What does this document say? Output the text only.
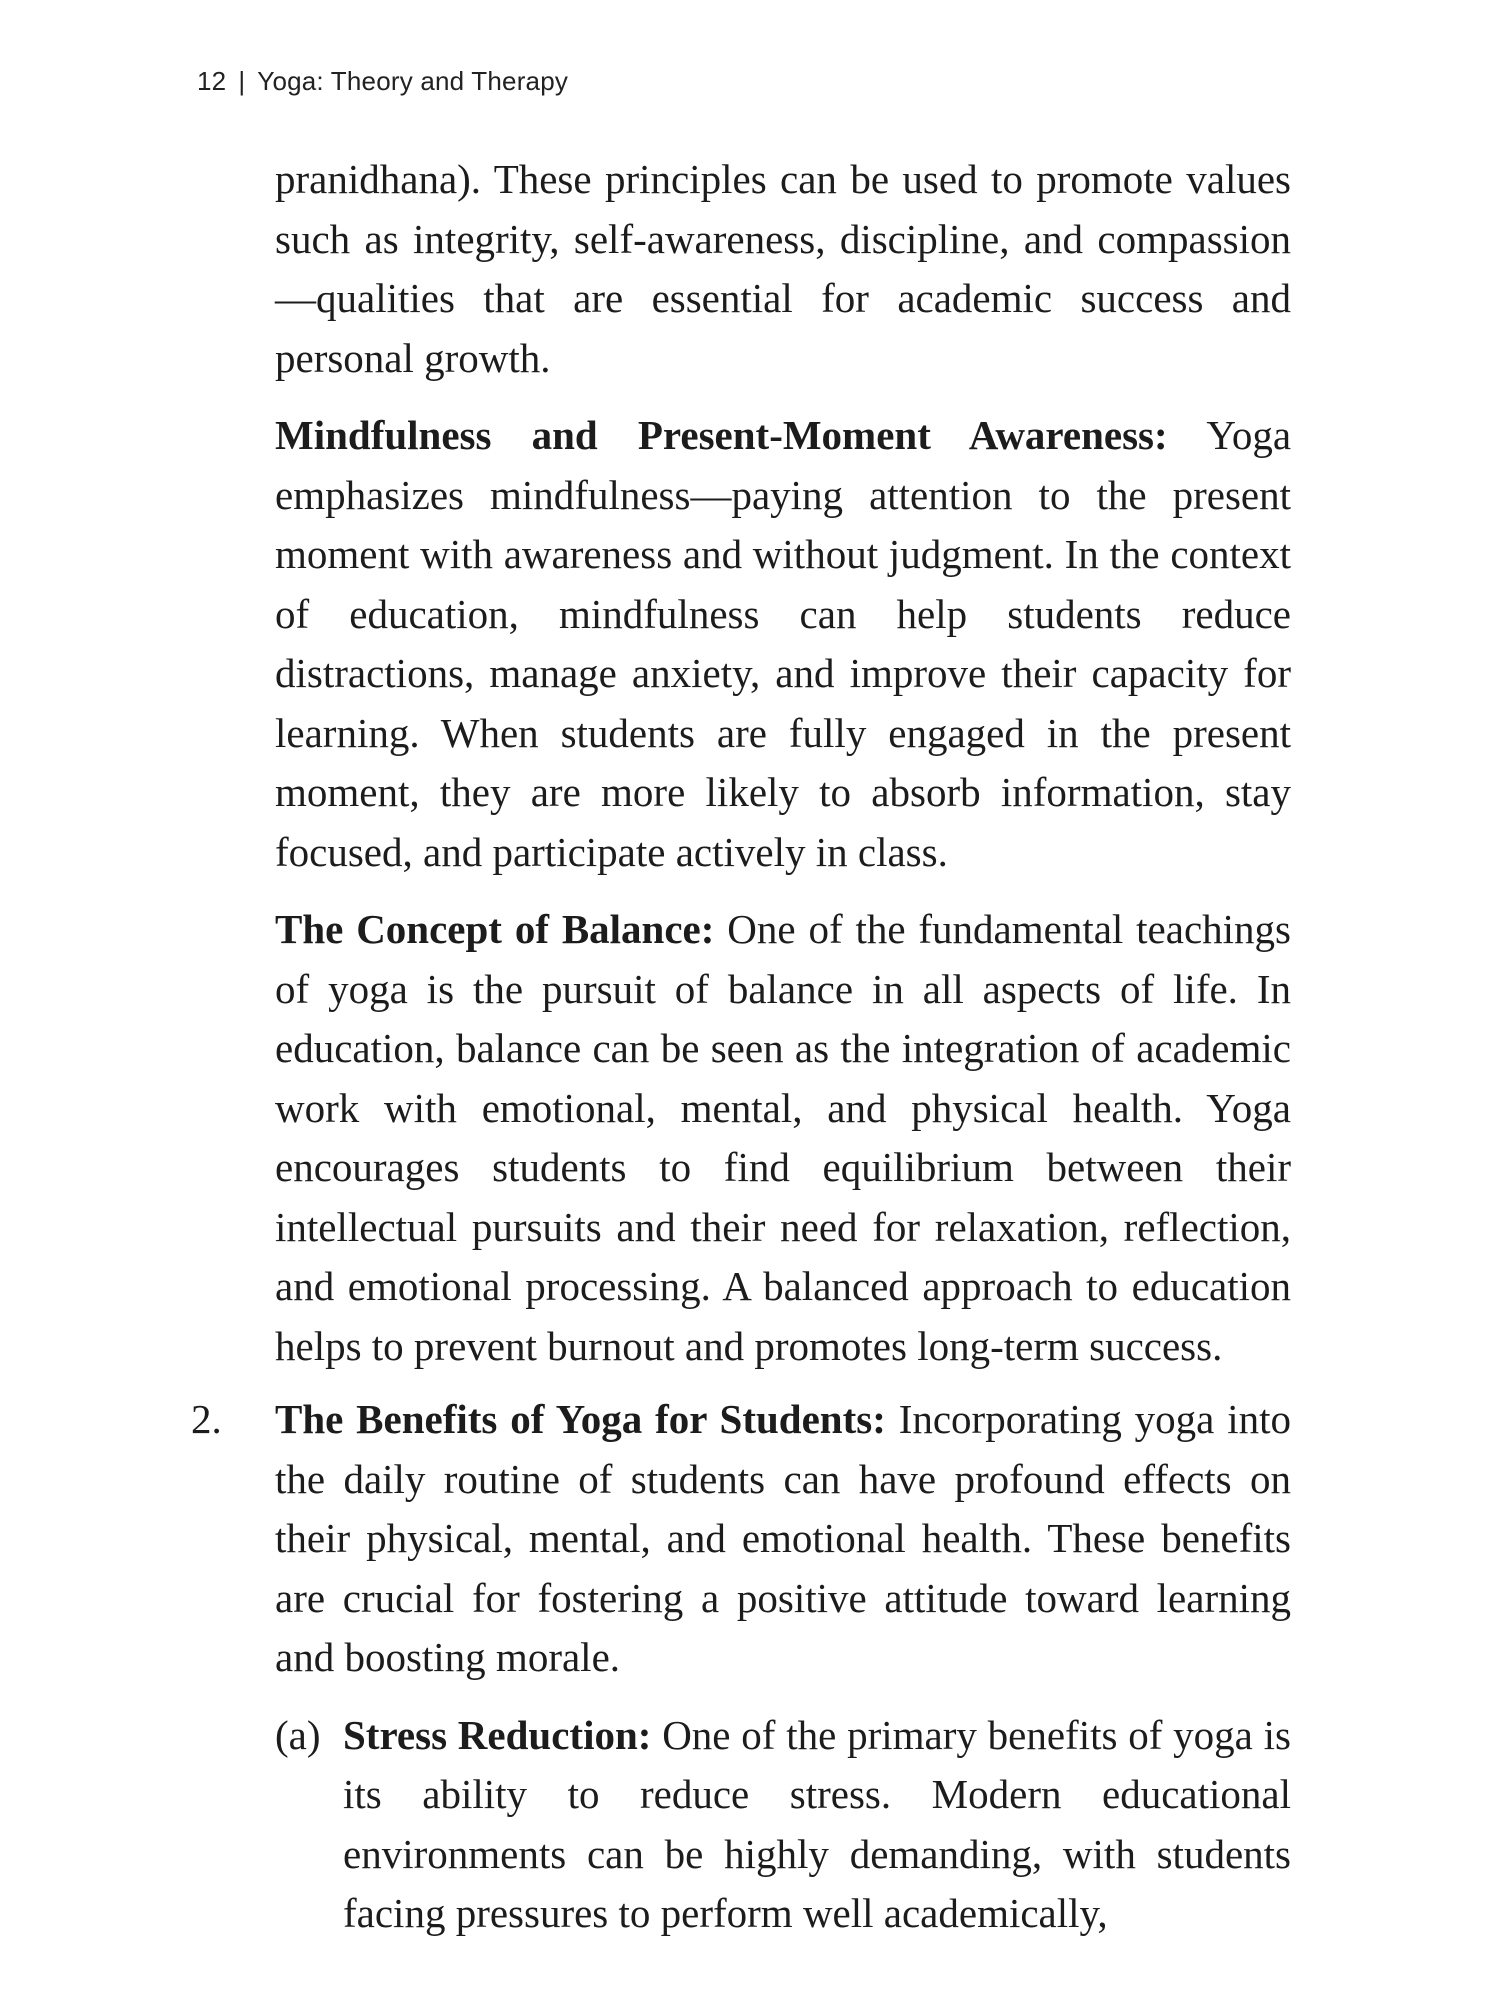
12 | Yoga: Theory and Therapy

pranidhana). These principles can be used to promote values such as integrity, self-awareness, discipline, and compassion—qualities that are essential for academic success and personal growth.

Mindfulness and Present-Moment Awareness: Yoga emphasizes mindfulness—paying attention to the present moment with awareness and without judgment. In the context of education, mindfulness can help students reduce distractions, manage anxiety, and improve their capacity for learning. When students are fully engaged in the present moment, they are more likely to absorb information, stay focused, and participate actively in class.

The Concept of Balance: One of the fundamental teachings of yoga is the pursuit of balance in all aspects of life. In education, balance can be seen as the integration of academic work with emotional, mental, and physical health. Yoga encourages students to find equilibrium between their intellectual pursuits and their need for relaxation, reflection, and emotional processing. A balanced approach to education helps to prevent burnout and promotes long-term success.

2. The Benefits of Yoga for Students: Incorporating yoga into the daily routine of students can have profound effects on their physical, mental, and emotional health. These benefits are crucial for fostering a positive attitude toward learning and boosting morale.

(a) Stress Reduction: One of the primary benefits of yoga is its ability to reduce stress. Modern educational environments can be highly demanding, with students facing pressures to perform well academically,
